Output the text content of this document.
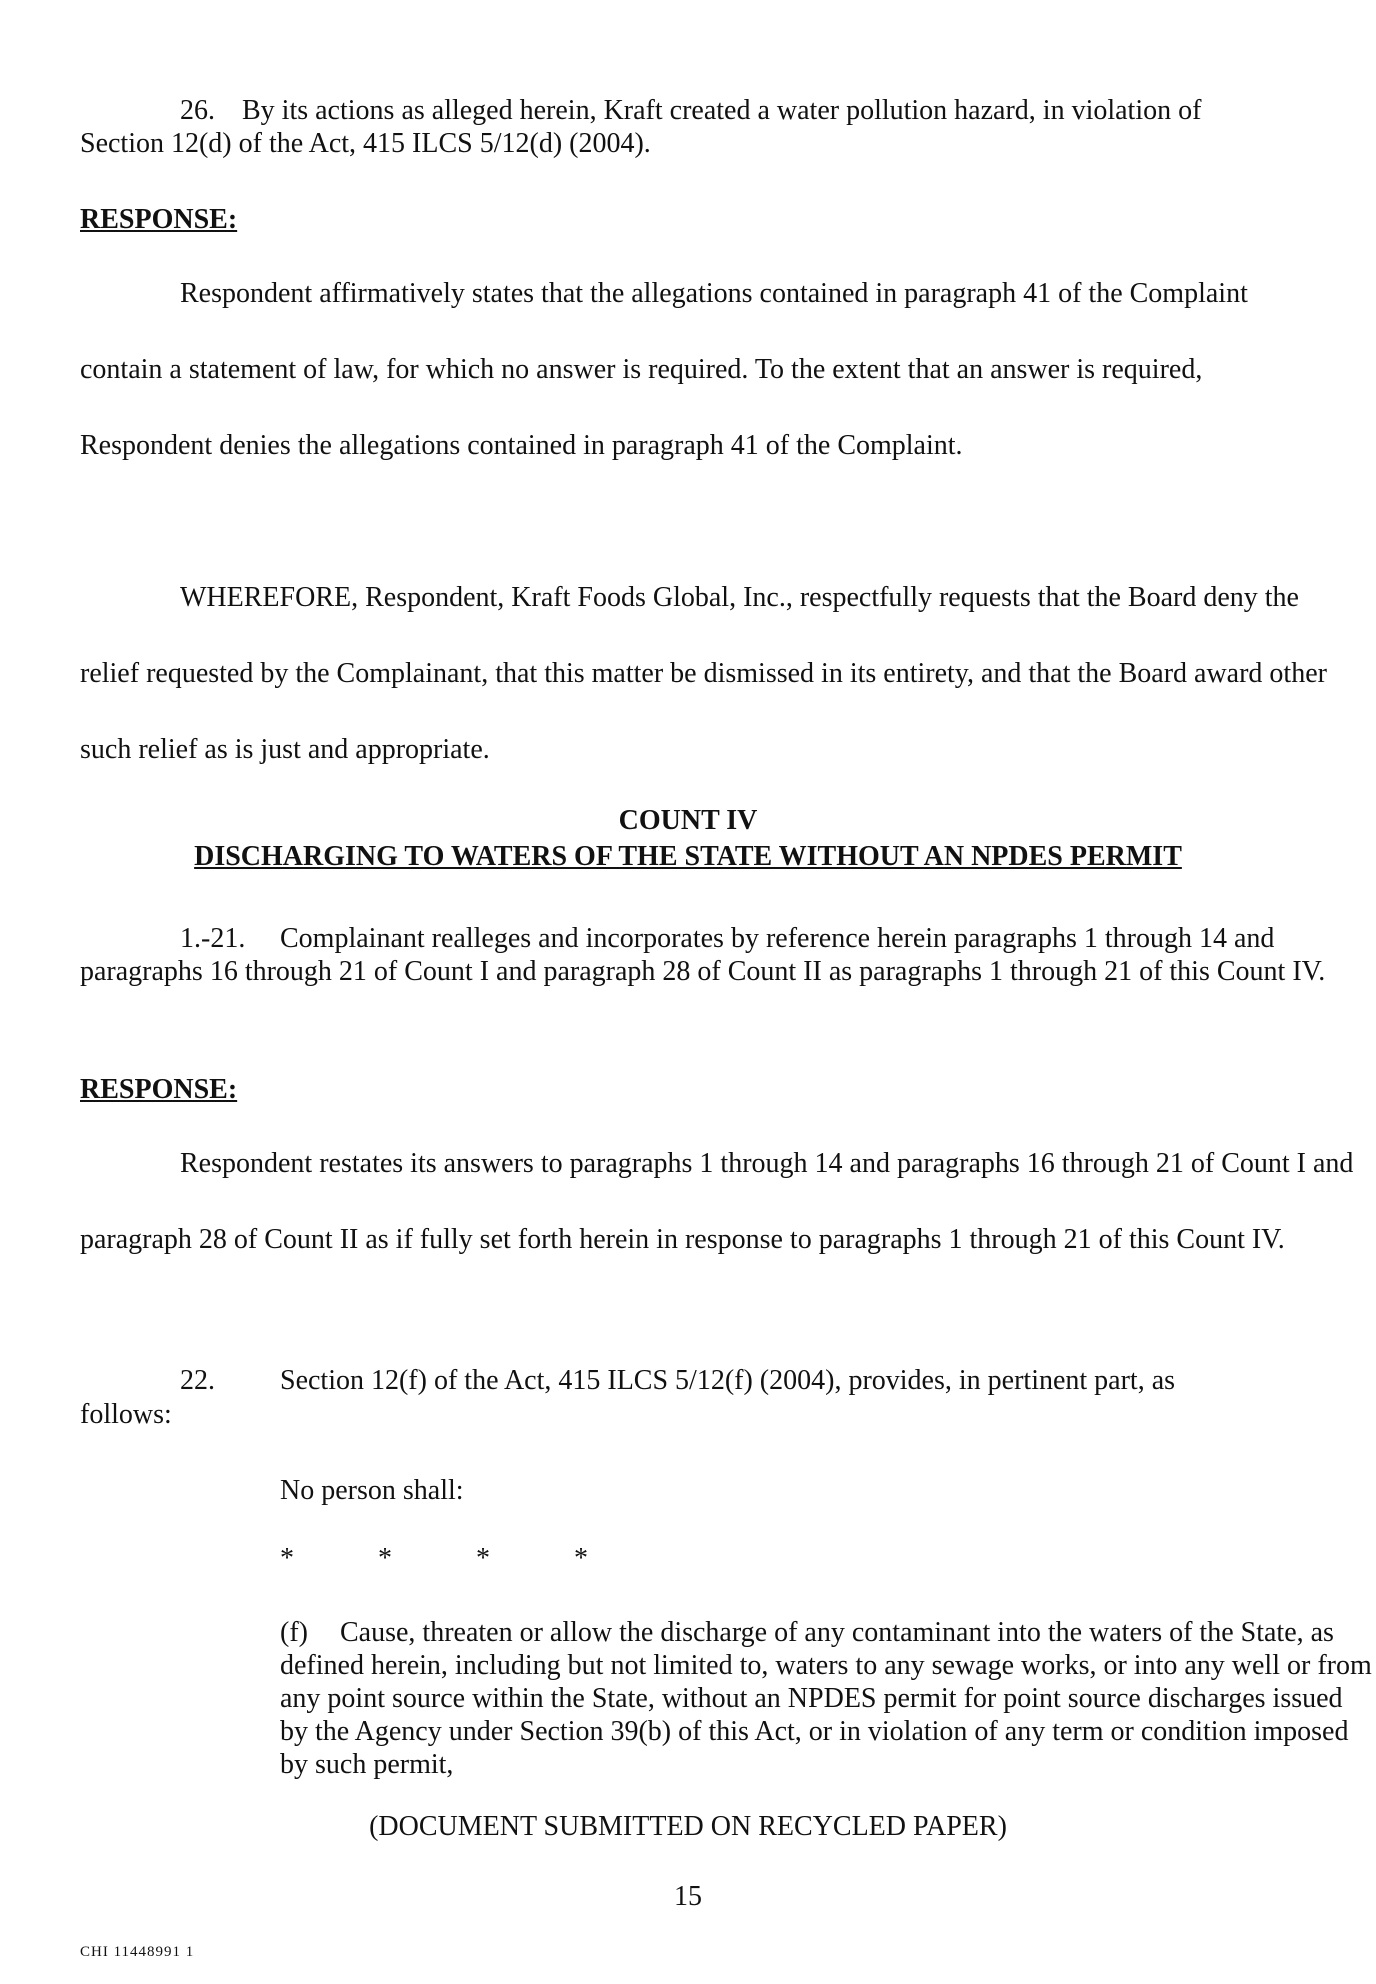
26. By its actions as alleged herein, Kraft created a water pollution hazard, in violation of Section 12(d) of the Act, 415 ILCS 5/12(d) (2004).

RESPONSE:

Respondent affirmatively states that the allegations contained in paragraph 41 of the Complaint contain a statement of law, for which no answer is required. To the extent that an answer is required, Respondent denies the allegations contained in paragraph 41 of the Complaint.

WHEREFORE, Respondent, Kraft Foods Global, Inc., respectfully requests that the Board deny the relief requested by the Complainant, that this matter be dismissed in its entirety, and that the Board award other such relief as is just and appropriate.

COUNT IV

DISCHARGING TO WATERS OF THE STATE WITHOUT AN NPDES PERMIT

1.-21. Complainant realleges and incorporates by reference herein paragraphs 1 through 14 and paragraphs 16 through 21 of Count I and paragraph 28 of Count II as paragraphs 1 through 21 of this Count IV.

RESPONSE:

Respondent restates its answers to paragraphs 1 through 14 and paragraphs 16 through 21 of Count I and paragraph 28 of Count II as if fully set forth herein in response to paragraphs 1 through 21 of this Count IV.

22. Section 12(f) of the Act, 415 ILCS 5/12(f) (2004), provides, in pertinent part, as

follows:

No person shall:

*	*	*	*

(f) Cause, threaten or allow the discharge of any contaminant into the waters of the State, as defined herein, including but not limited to, waters to any sewage works, or into any well or from any point source within the State, without an NPDES permit for point source discharges issued by the Agency under Section 39(b) of this Act, or in violation of any term or condition imposed by such permit,

(DOCUMENT SUBMITTED ON RECYCLED PAPER)

15

CHI 11448991 1
